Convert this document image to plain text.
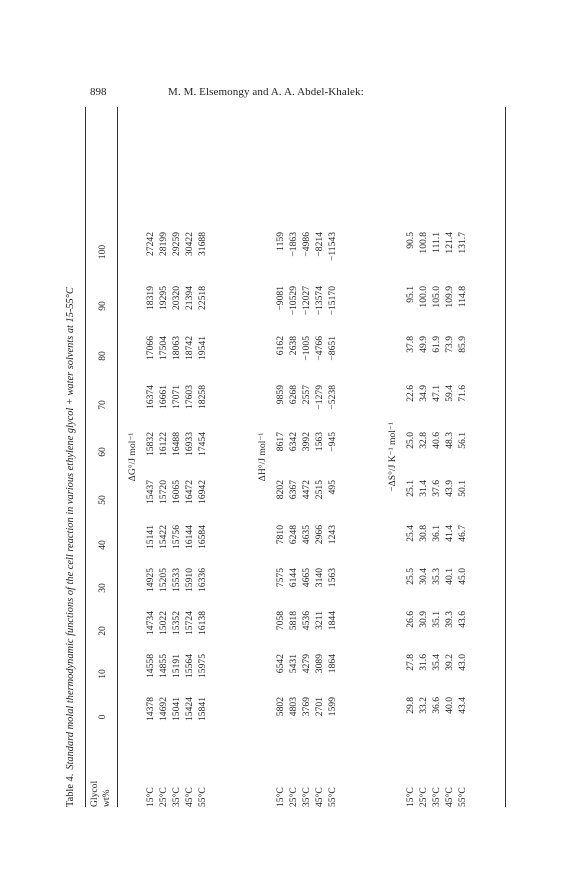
898	M. M. Elsemongy and A. A. Abdel-Khalek:
Table 4.Standard molal thermodynamic functions of the cell reaction in various ethylene glycol + water solvents at 15-55°C
Glycol wt%
0
10
20
30
40
50
60
70
80
90
100
ΔG°/J mol⁻¹
15°C
14378
14558
14734
14925
15141
15437
15832
16374
17066
18319
27242
25°C
14692
14855
15022
15205
15422
15720
16122
16661
17504
19295
28199
35°C
15041
15191
15352
15533
15756
16065
16488
17071
18063
20320
29259
45°C
15424
15564
15724
15910
16144
16472
16933
17603
18742
21394
30422
55°C
15841
15975
16138
16336
16584
16942
17454
18258
19541
22518
31688
ΔH°/J mol⁻¹
15°C
5802
6542
7058
7575
7810
8202
8617
9859
6162
−9081
1159
25°C
4803
5431
5818
6144
6248
6367
6342
6268
2638
−10529
−1863
35°C
3769
4279
4536
4665
4635
4472
3992
2557
−1005
−12027
−4986
45°C
2701
3089
3211
3140
2966
2515
1563
−1279
−4766
−13574
−8214
55°C
1599
1864
1844
1563
1243
495
−945
−5238
−8651
−15170
−11543
−ΔS°/J K⁻¹ mol⁻¹
15°C
29.8
27.8
26.6
25.5
25.4
25.1
25.0
22.6
37.8
95.1
90.5
25°C
33.2
31.6
30.9
30.4
30.8
31.4
32.8
34.9
49.9
100.0
100.8
35°C
36.6
35.4
35.1
35.3
36.1
37.6
40.6
47.1
61.9
105.0
111.1
45°C
40.0
39.2
39.3
40.1
41.4
43.9
48.3
59.4
73.9
109.9
121.4
55°C
43.4
43.0
43.6
45.0
46.7
50.1
56.1
71.6
85.9
114.8
131.7
